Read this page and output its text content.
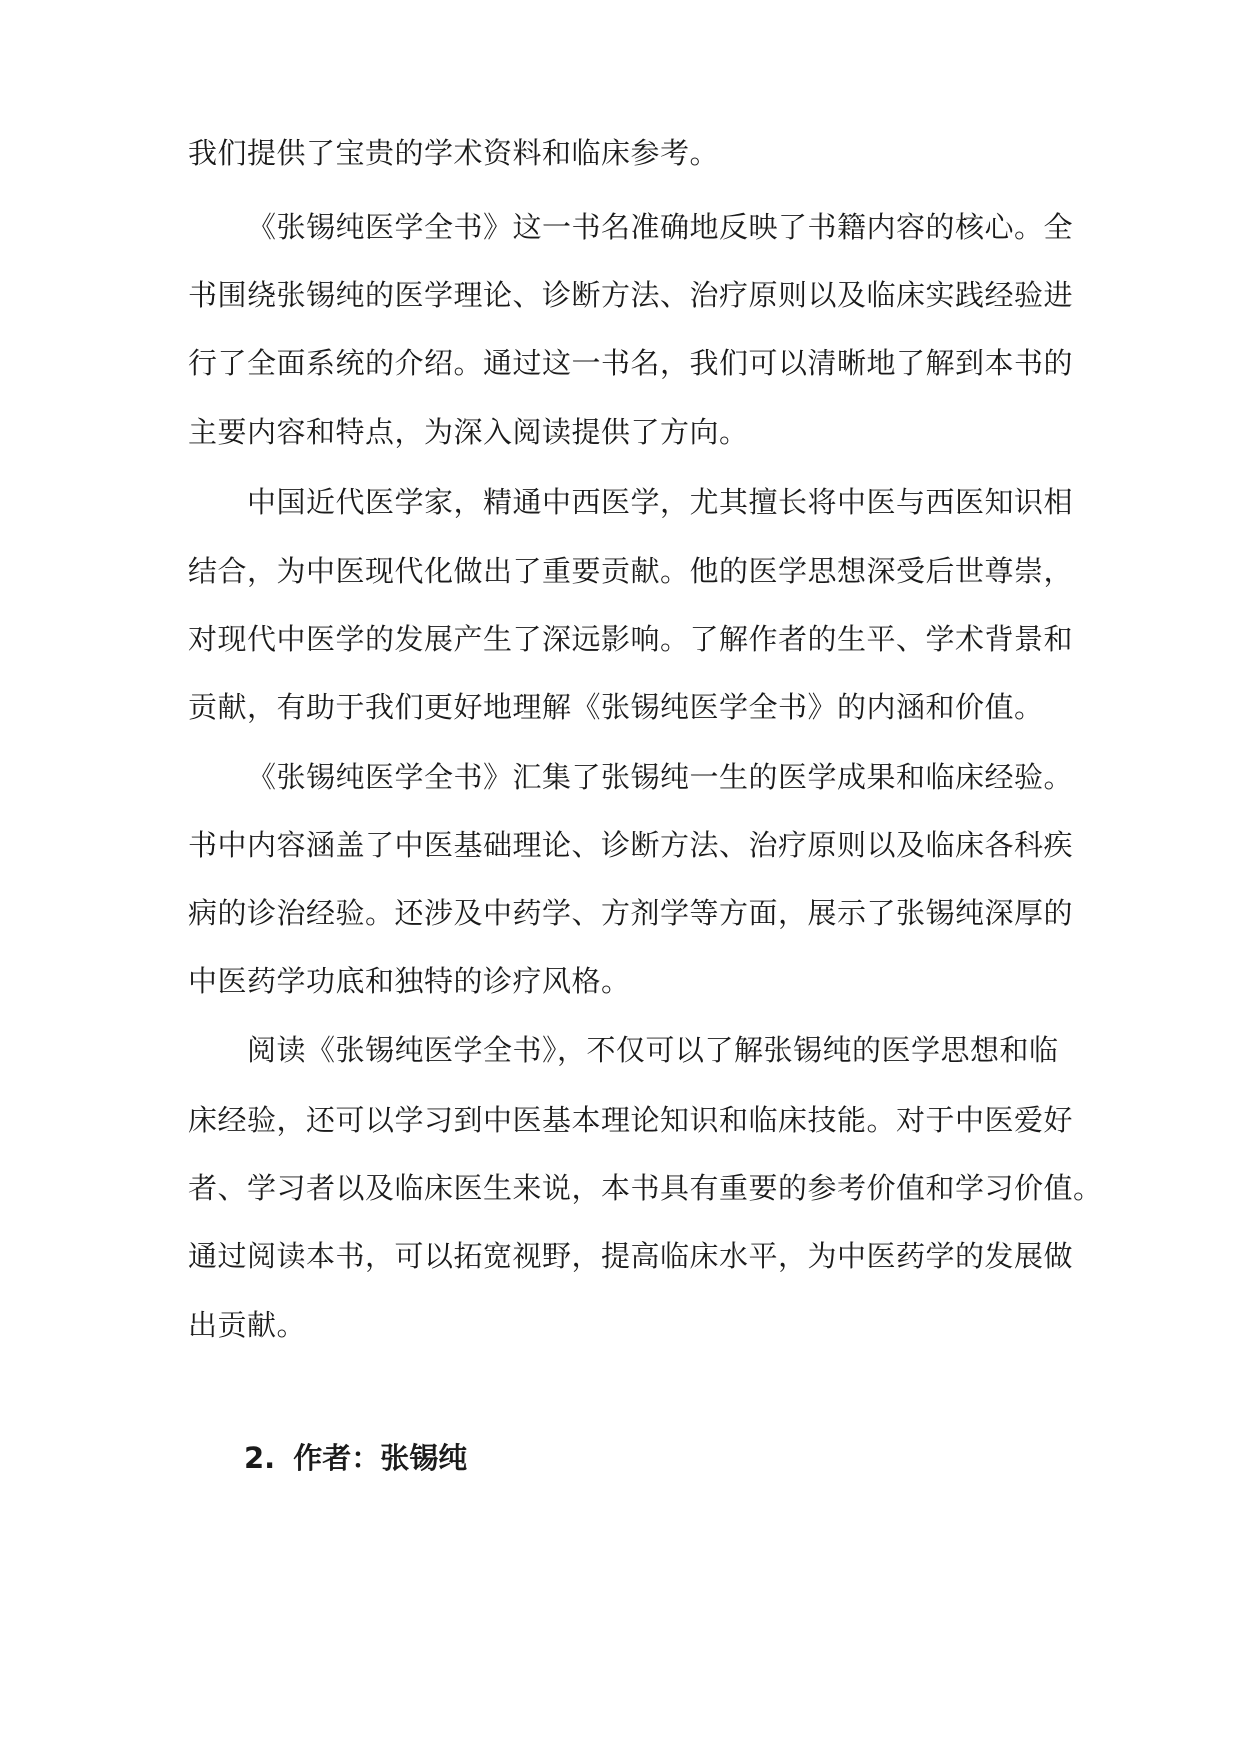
我们提供了宝贵的学术资料和临床参考。

《张锡纯医学全书》这一书名准确地反映了书籍内容的核心。全

书围绕张锡纯的医学理论、诊断方法、治疗原则以及临床实践经验进

行了全面系统的介绍。通过这一书名，我们可以清晰地了解到本书的

主要内容和特点，为深入阅读提供了方向。

中国近代医学家，精通中西医学，尤其擅长将中医与西医知识相

结合，为中医现代化做出了重要贡献。他的医学思想深受后世尊崇，

对现代中医学的发展产生了深远影响。了解作者的生平、学术背景和

贡献，有助于我们更好地理解《张锡纯医学全书》的内涵和价值。

《张锡纯医学全书》汇集了张锡纯一生的医学成果和临床经验。

书中内容涵盖了中医基础理论、诊断方法、治疗原则以及临床各科疾

病的诊治经验。还涉及中药学、方剂学等方面，展示了张锡纯深厚的

中医药学功底和独特的诊疗风格。

阅读《张锡纯医学全书》，不仅可以了解张锡纯的医学思想和临

床经验，还可以学习到中医基本理论知识和临床技能。对于中医爱好

者、学习者以及临床医生来说，本书具有重要的参考价值和学习价值。

通过阅读本书，可以拓宽视野，提高临床水平，为中医药学的发展做

出贡献。

2. 作者：张锡纯
